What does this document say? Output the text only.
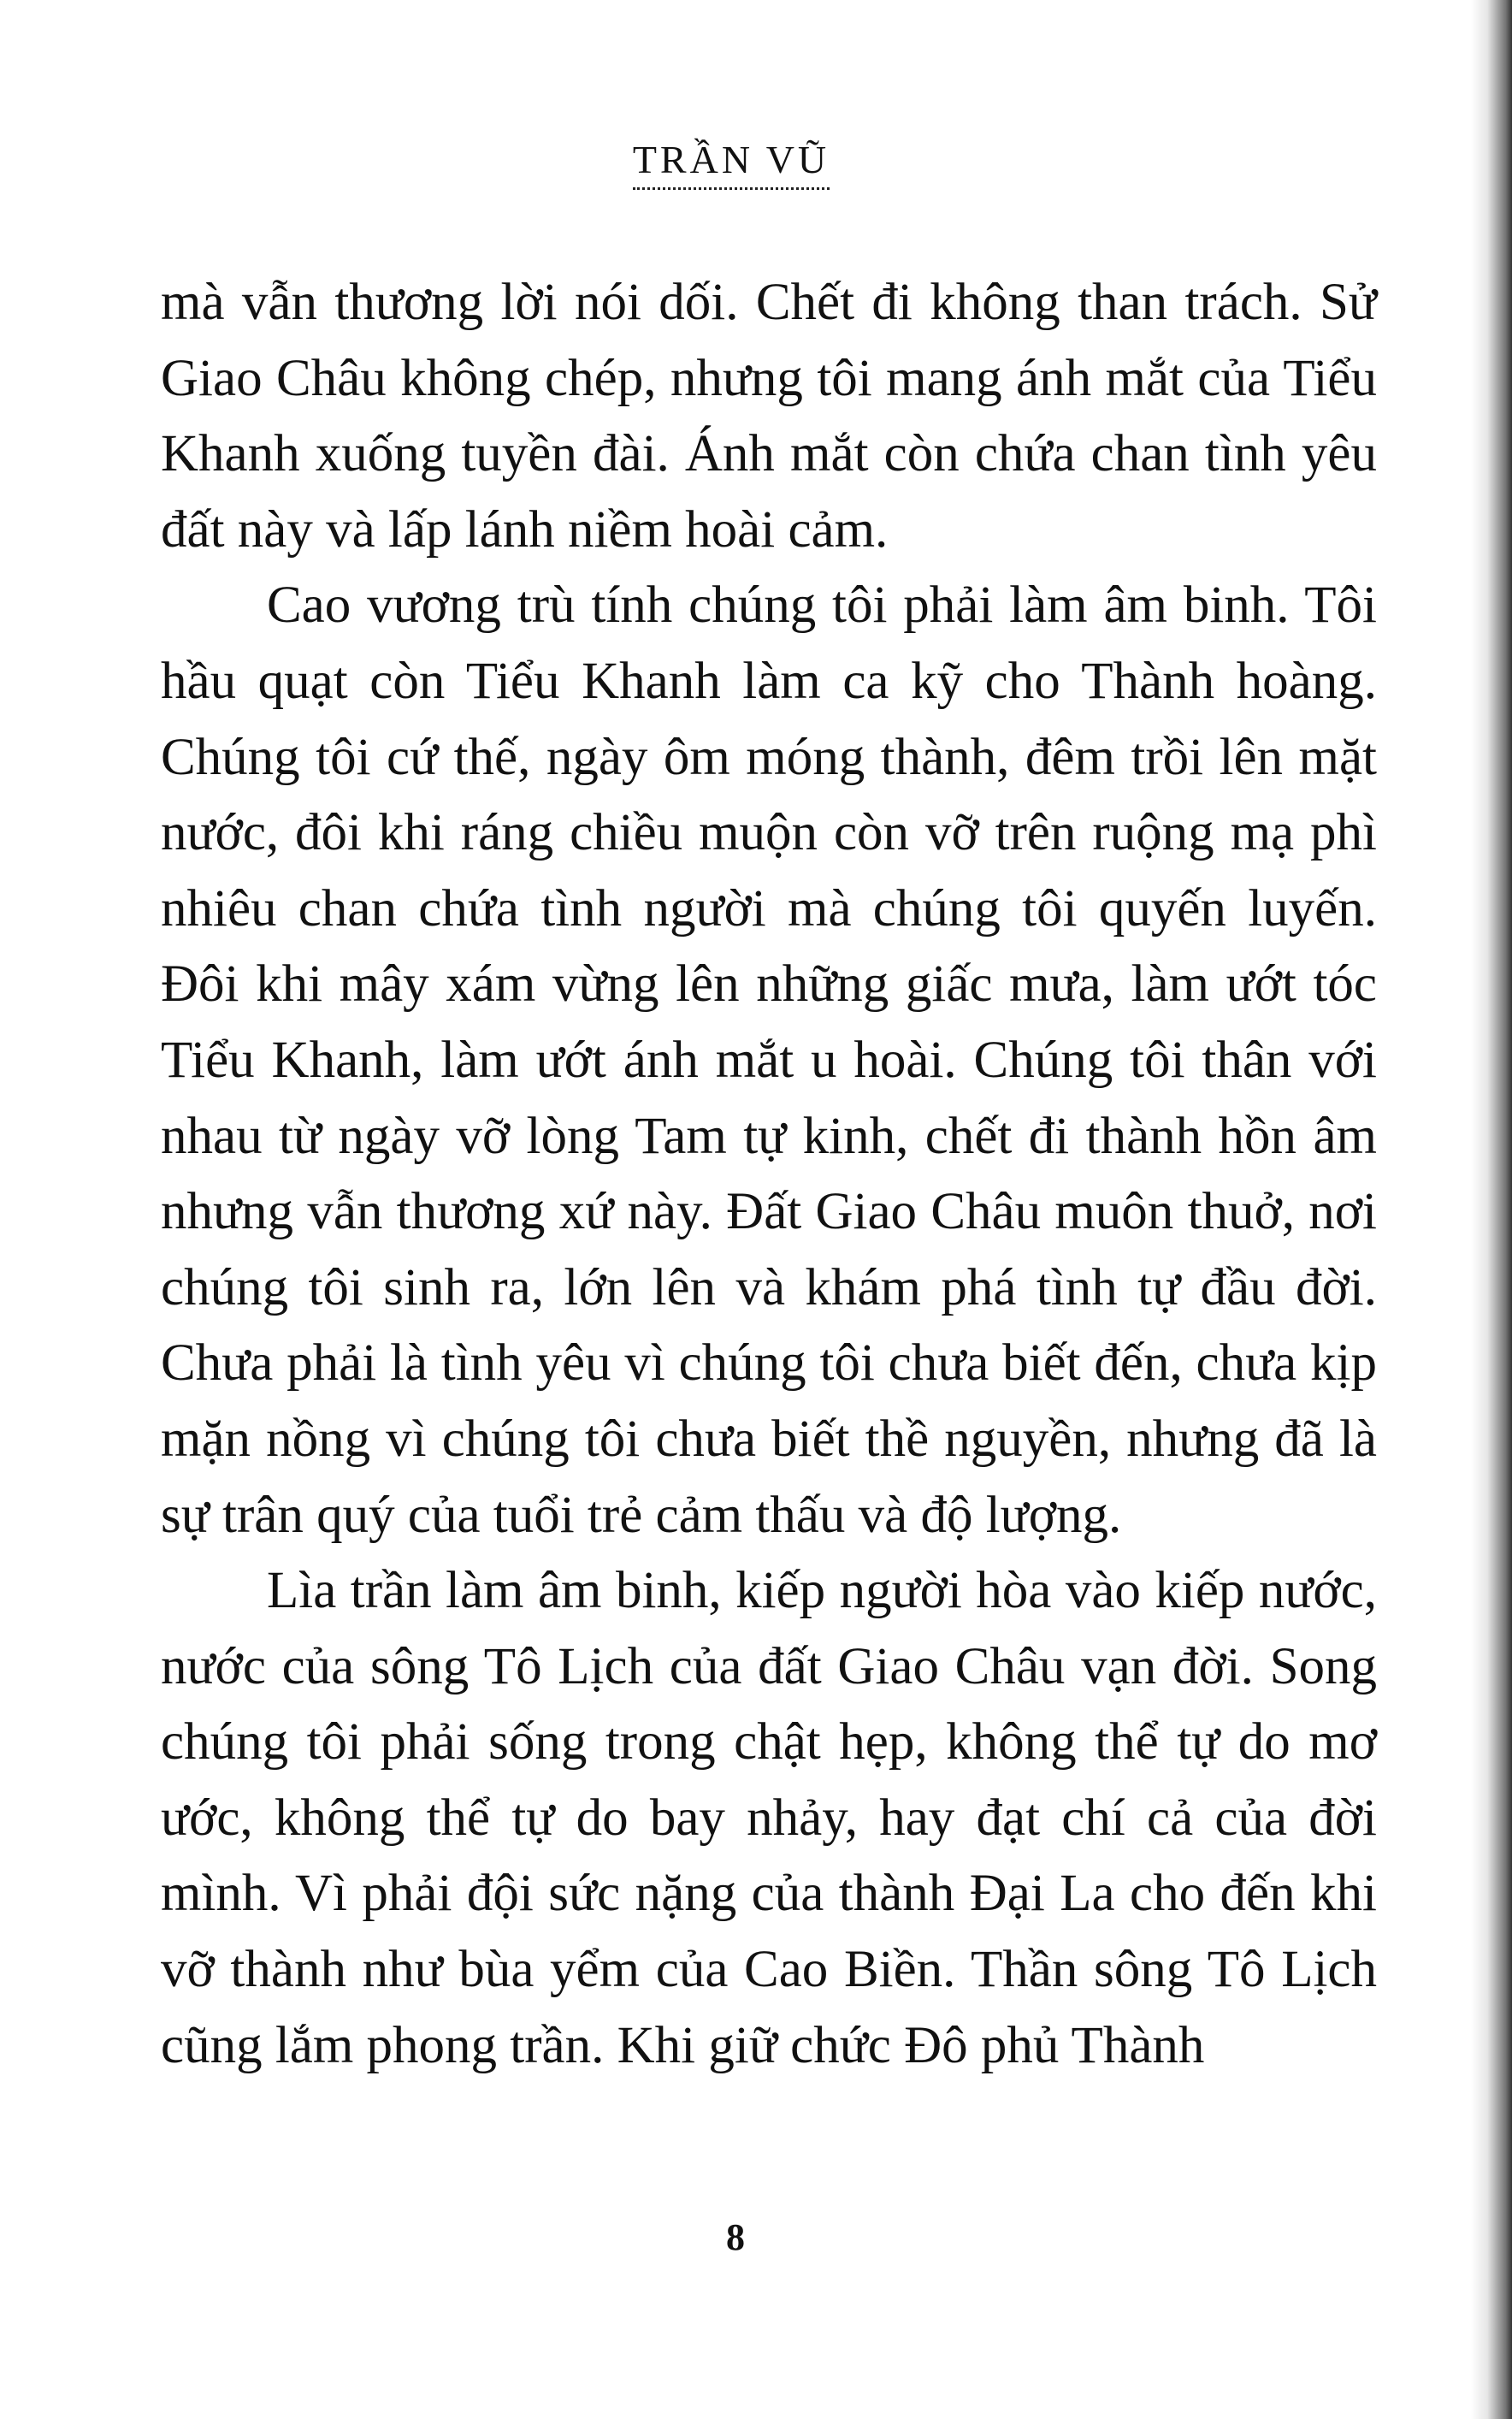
TRẦN VŨ

mà vẫn thương lời nói dối. Chết đi không than trách. Sử Giao Châu không chép, nhưng tôi mang ánh mắt của Tiểu Khanh xuống tuyền đài. Ánh mắt còn chứa chan tình yêu đất này và lấp lánh niềm hoài cảm.

Cao vương trù tính chúng tôi phải làm âm binh. Tôi hầu quạt còn Tiểu Khanh làm ca kỹ cho Thành hoàng. Chúng tôi cứ thế, ngày ôm móng thành, đêm trồi lên mặt nước, đôi khi ráng chiều muộn còn vỡ trên ruộng mạ phì nhiêu chan chứa tình người mà chúng tôi quyến luyến. Đôi khi mây xám vừng lên những giấc mưa, làm ướt tóc Tiểu Khanh, làm ướt ánh mắt u hoài. Chúng tôi thân với nhau từ ngày vỡ lòng Tam tự kinh, chết đi thành hồn âm nhưng vẫn thương xứ này. Đất Giao Châu muôn thuở, nơi chúng tôi sinh ra, lớn lên và khám phá tình tự đầu đời. Chưa phải là tình yêu vì chúng tôi chưa biết đến, chưa kịp mặn nồng vì chúng tôi chưa biết thề nguyền, nhưng đã là sự trân quý của tuổi trẻ cảm thấu và độ lượng.

Lìa trần làm âm binh, kiếp người hòa vào kiếp nước, nước của sông Tô Lịch của đất Giao Châu vạn đời. Song chúng tôi phải sống trong chật hẹp, không thể tự do mơ ước, không thể tự do bay nhảy, hay đạt chí cả của đời mình. Vì phải đội sức nặng của thành Đại La cho đến khi vỡ thành như bùa yểm của Cao Biền. Thần sông Tô Lịch cũng lắm phong trần. Khi giữ chức Đô phủ Thành

8
